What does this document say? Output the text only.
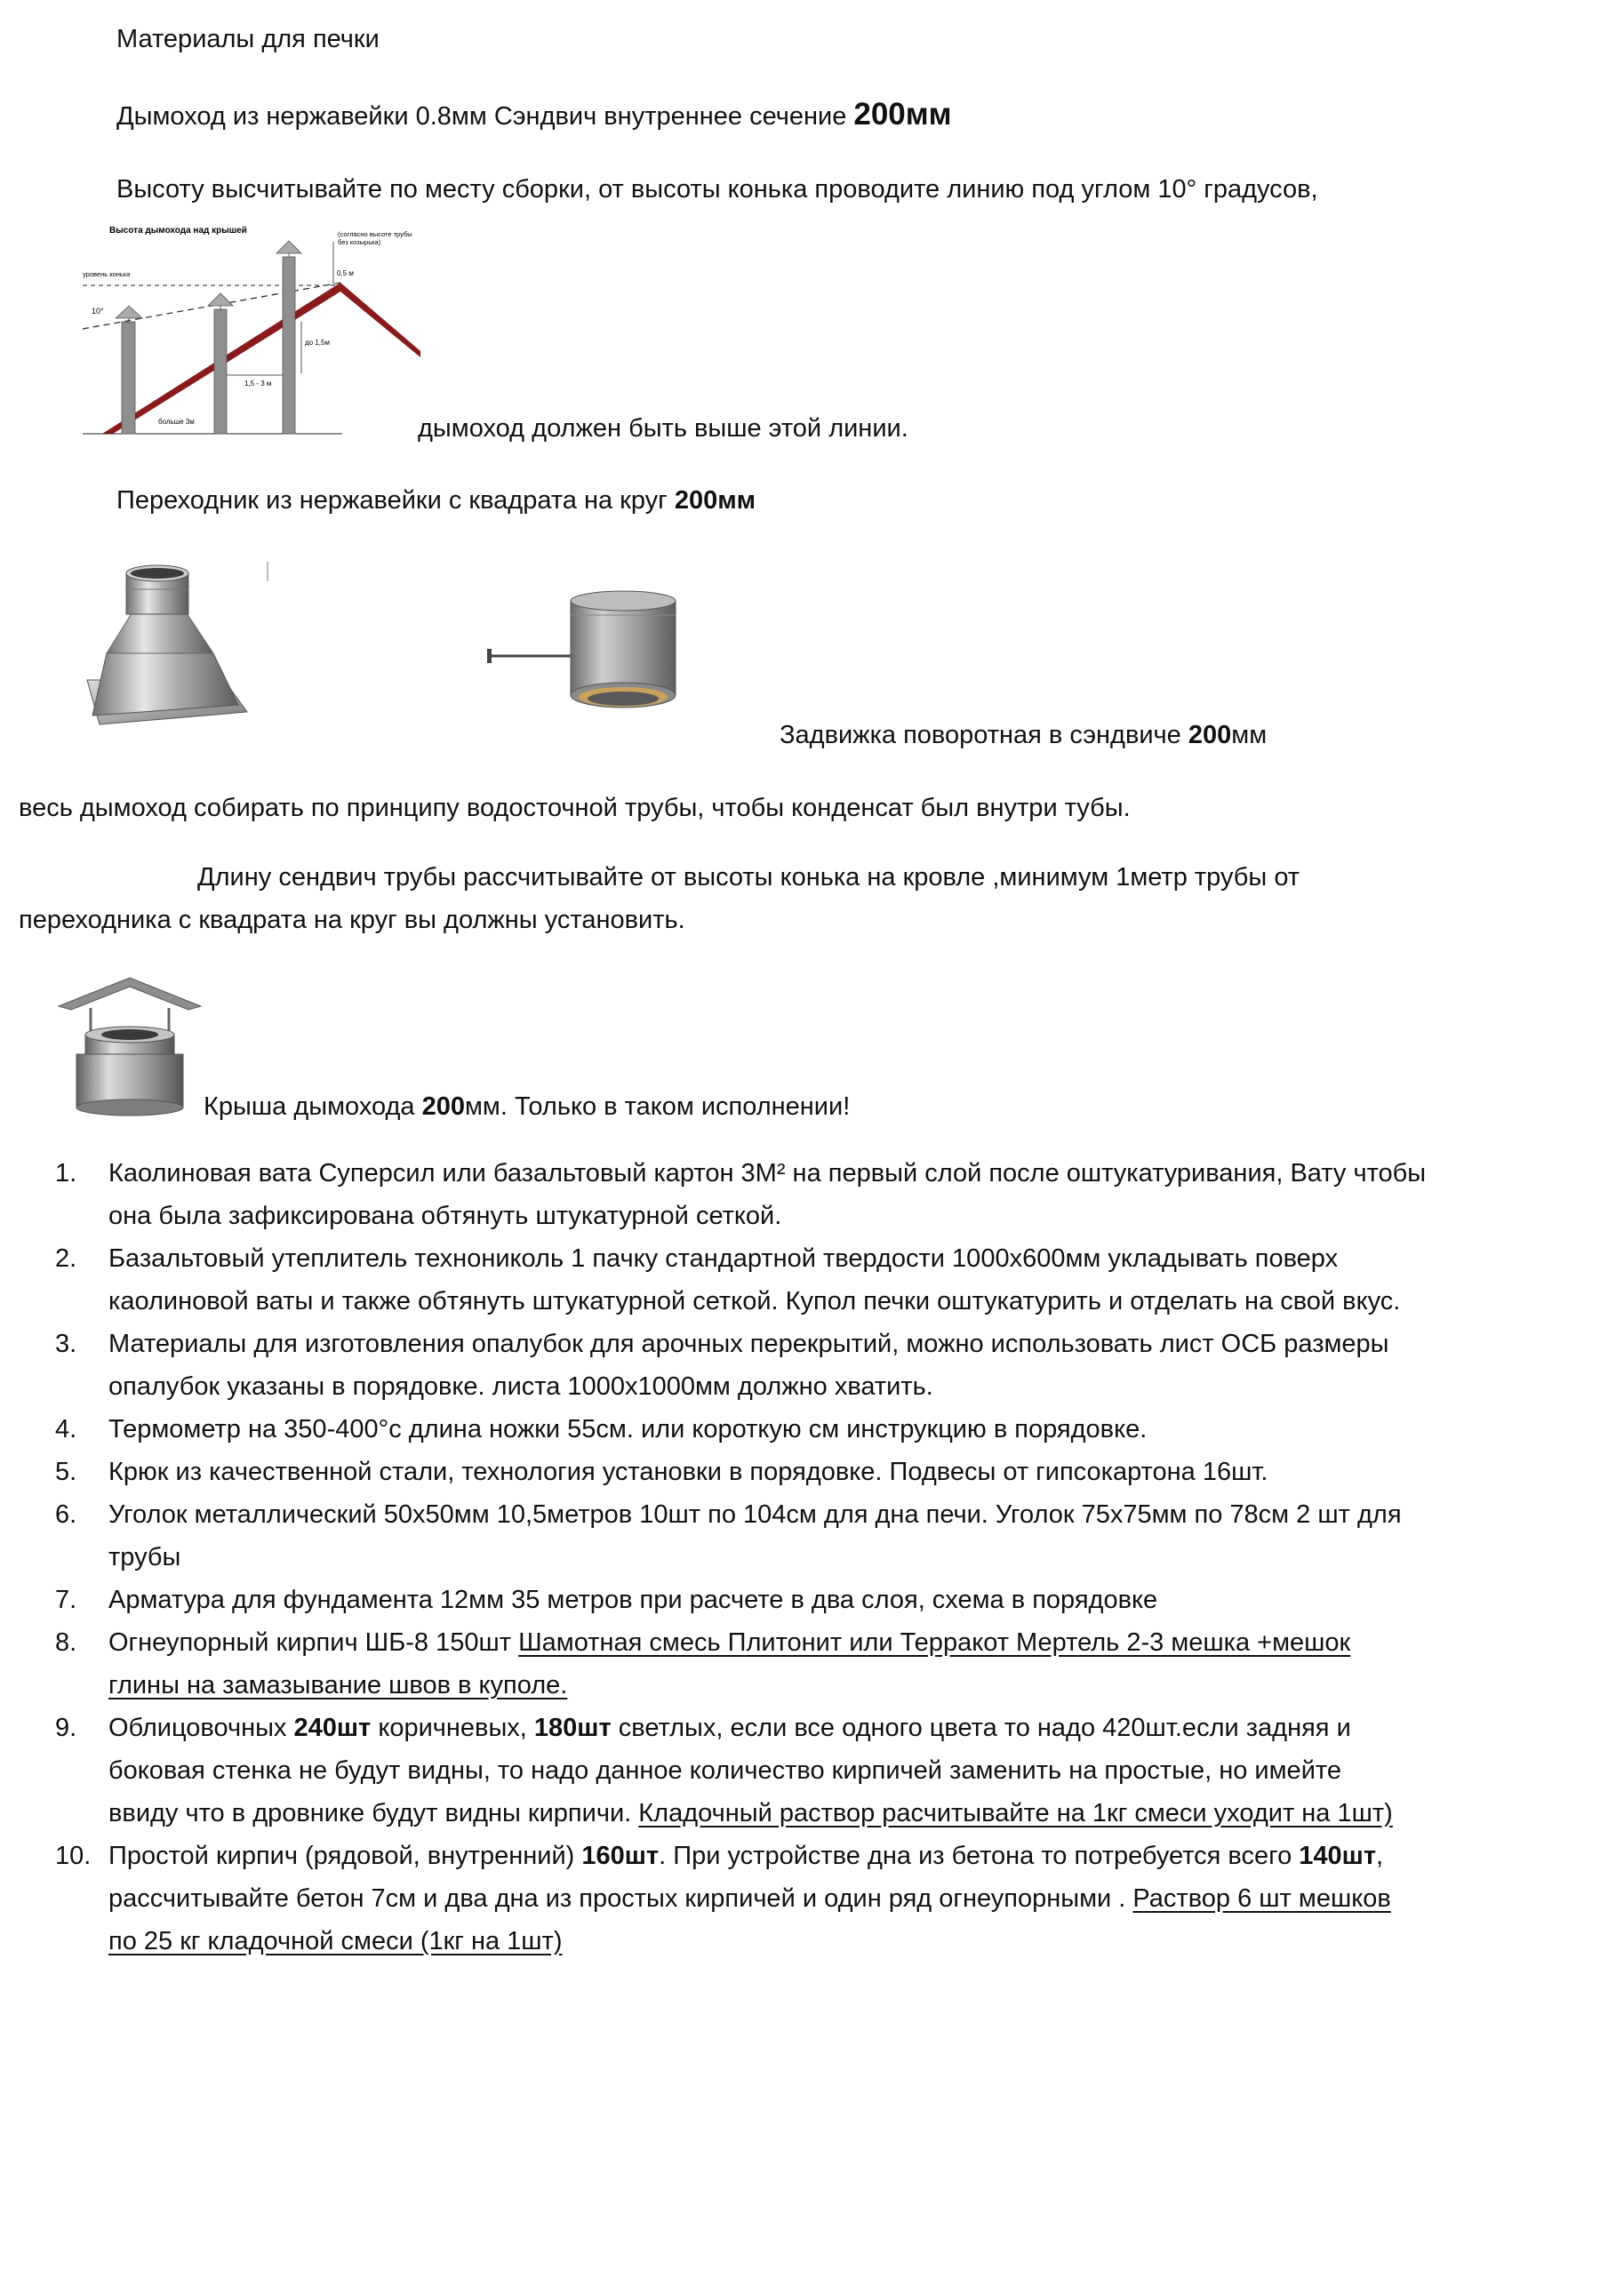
Материалы для печки
Дымоход из нержавейки 0.8мм Сэндвич внутреннее сечение 200мм
Высоту высчитывайте по месту сборки, от высоты конька проводите линию под углом 10° градусов,
Высота дымохода над крышей	(согласно высоте трубы
без козырька)
уровень конька
10°
0,5 м
до 1,5м
1,5 - 3 м
больше 3м	дымоход должен быть выше этой линии.
Переходник из нержавейки с квадрата на круг 200мм
Задвижка поворотная в сэндвиче 200мм
весь дымоход собирать по принципу водосточной трубы, чтобы конденсат был внутри тубы.
Длину сендвич трубы рассчитывайте от высоты конька на кровле ,минимум 1метр трубы от
переходника с квадрата на круг вы должны установить.
Крыша дымохода 200мм. Только в таком исполнении!
1. Каолиновая вата Суперсил или базальтовый картон 3М² на первый слой после оштукатуривания, Вату чтобы
она была зафиксирована обтянуть штукатурной сеткой.
2. Базальтовый утеплитель технониколь 1 пачку стандартной твердости 1000х600мм укладывать поверх
каолиновой ваты и также обтянуть штукатурной сеткой. Купол печки оштукатурить и отделать на свой вкус.
3. Материалы для изготовления опалубок для арочных перекрытий, можно использовать лист ОСБ размеры
опалубок указаны в порядовке. листа 1000х1000мм должно хватить.
4. Термометр на 350-400°с длина ножки 55см. или короткую см инструкцию в порядовке.
5. Крюк из качественной стали, технология установки в порядовке. Подвесы от гипсокартона 16шт.
6. Уголок металлический 50х50мм 10,5метров 10шт по 104см для дна печи. Уголок 75х75мм по 78см 2 шт для
трубы
7. Арматура для фундамента 12мм 35 метров при расчете в два слоя, схема в порядовке
8. Огнеупорный кирпич ШБ-8 150шт Шамотная смесь Плитонит или Терракот Мертель 2-3 мешка +мешок
глины на замазывание швов в куполе.
9. Облицовочных 240шт коричневых, 180шт светлых, если все одного цвета то надо 420шт.если задняя и
боковая стенка не будут видны, то надо данное количество кирпичей заменить на простые, но имейте
ввиду что в дровнике будут видны кирпичи. Кладочный раствор расчитывайте на 1кг смеси уходит на 1шт)
10. Простой кирпич (рядовой, внутренний) 160шт. При устройстве дна из бетона то потребуется всего 140шт,
рассчитывайте бетон 7см и два дна из простых кирпичей и один ряд огнеупорными . Раствор 6 шт мешков
по 25 кг кладочной смеси (1кг на 1шт)
